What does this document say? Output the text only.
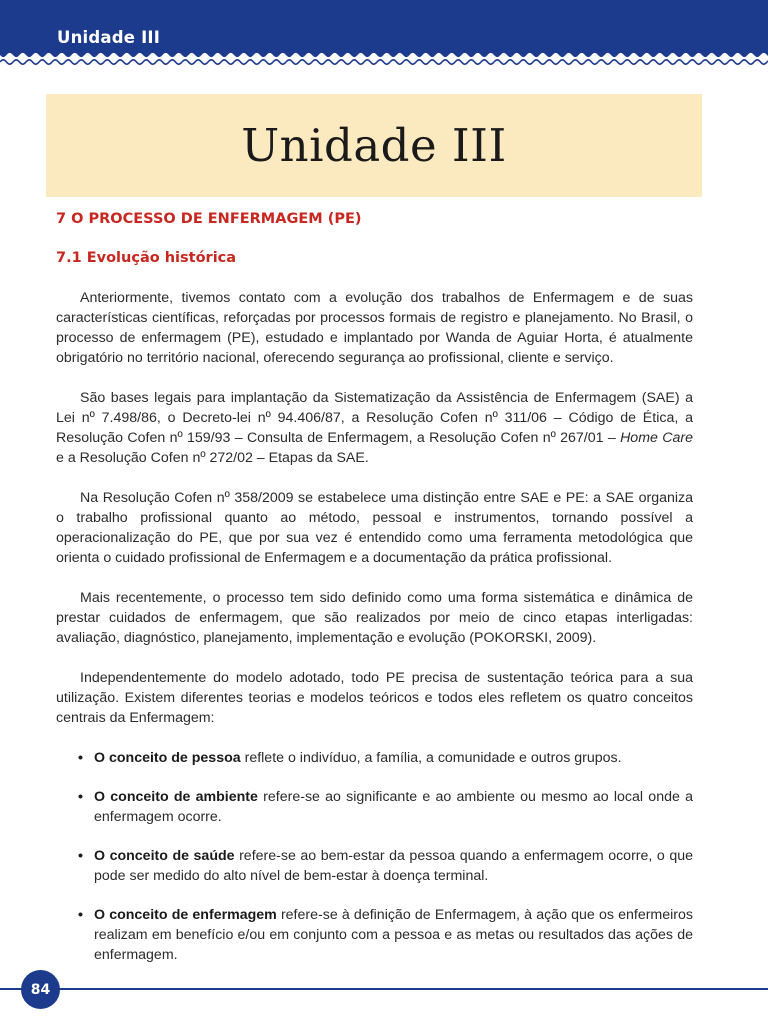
Unidade III
Unidade III
7 O PROCESSO DE ENFERMAGEM (PE)
7.1 Evolução histórica

Anteriormente, tivemos contato com a evolução dos trabalhos de Enfermagem e de suas características científicas, reforçadas por processos formais de registro e planejamento. No Brasil, o processo de enfermagem (PE), estudado e implantado por Wanda de Aguiar Horta, é atualmente obrigatório no território nacional, oferecendo segurança ao profissional, cliente e serviço.

São bases legais para implantação da Sistematização da Assistência de Enfermagem (SAE) a Lei nº 7.498/86, o Decreto-lei nº 94.406/87, a Resolução Cofen nº 311/06 – Código de Ética, a Resolução Cofen nº 159/93 – Consulta de Enfermagem, a Resolução Cofen nº 267/01 – Home Care e a Resolução Cofen nº 272/02 – Etapas da SAE.

Na Resolução Cofen nº 358/2009 se estabelece uma distinção entre SAE e PE: a SAE organiza o trabalho profissional quanto ao método, pessoal e instrumentos, tornando possível a operacionalização do PE, que por sua vez é entendido como uma ferramenta metodológica que orienta o cuidado profissional de Enfermagem e a documentação da prática profissional.

Mais recentemente, o processo tem sido definido como uma forma sistemática e dinâmica de prestar cuidados de enfermagem, que são realizados por meio de cinco etapas interligadas: avaliação, diagnóstico, planejamento, implementação e evolução (POKORSKI, 2009).

Independentemente do modelo adotado, todo PE precisa de sustentação teórica para a sua utilização. Existem diferentes teorias e modelos teóricos e todos eles refletem os quatro conceitos centrais da Enfermagem:

• O conceito de pessoa reflete o indivíduo, a família, a comunidade e outros grupos.
• O conceito de ambiente refere-se ao significante e ao ambiente ou mesmo ao local onde a enfermagem ocorre.
• O conceito de saúde refere-se ao bem-estar da pessoa quando a enfermagem ocorre, o que pode ser medido do alto nível de bem-estar à doença terminal.
• O conceito de enfermagem refere-se à definição de Enfermagem, à ação que os enfermeiros realizam em benefício e/ou em conjunto com a pessoa e as metas ou resultados das ações de enfermagem.
84
